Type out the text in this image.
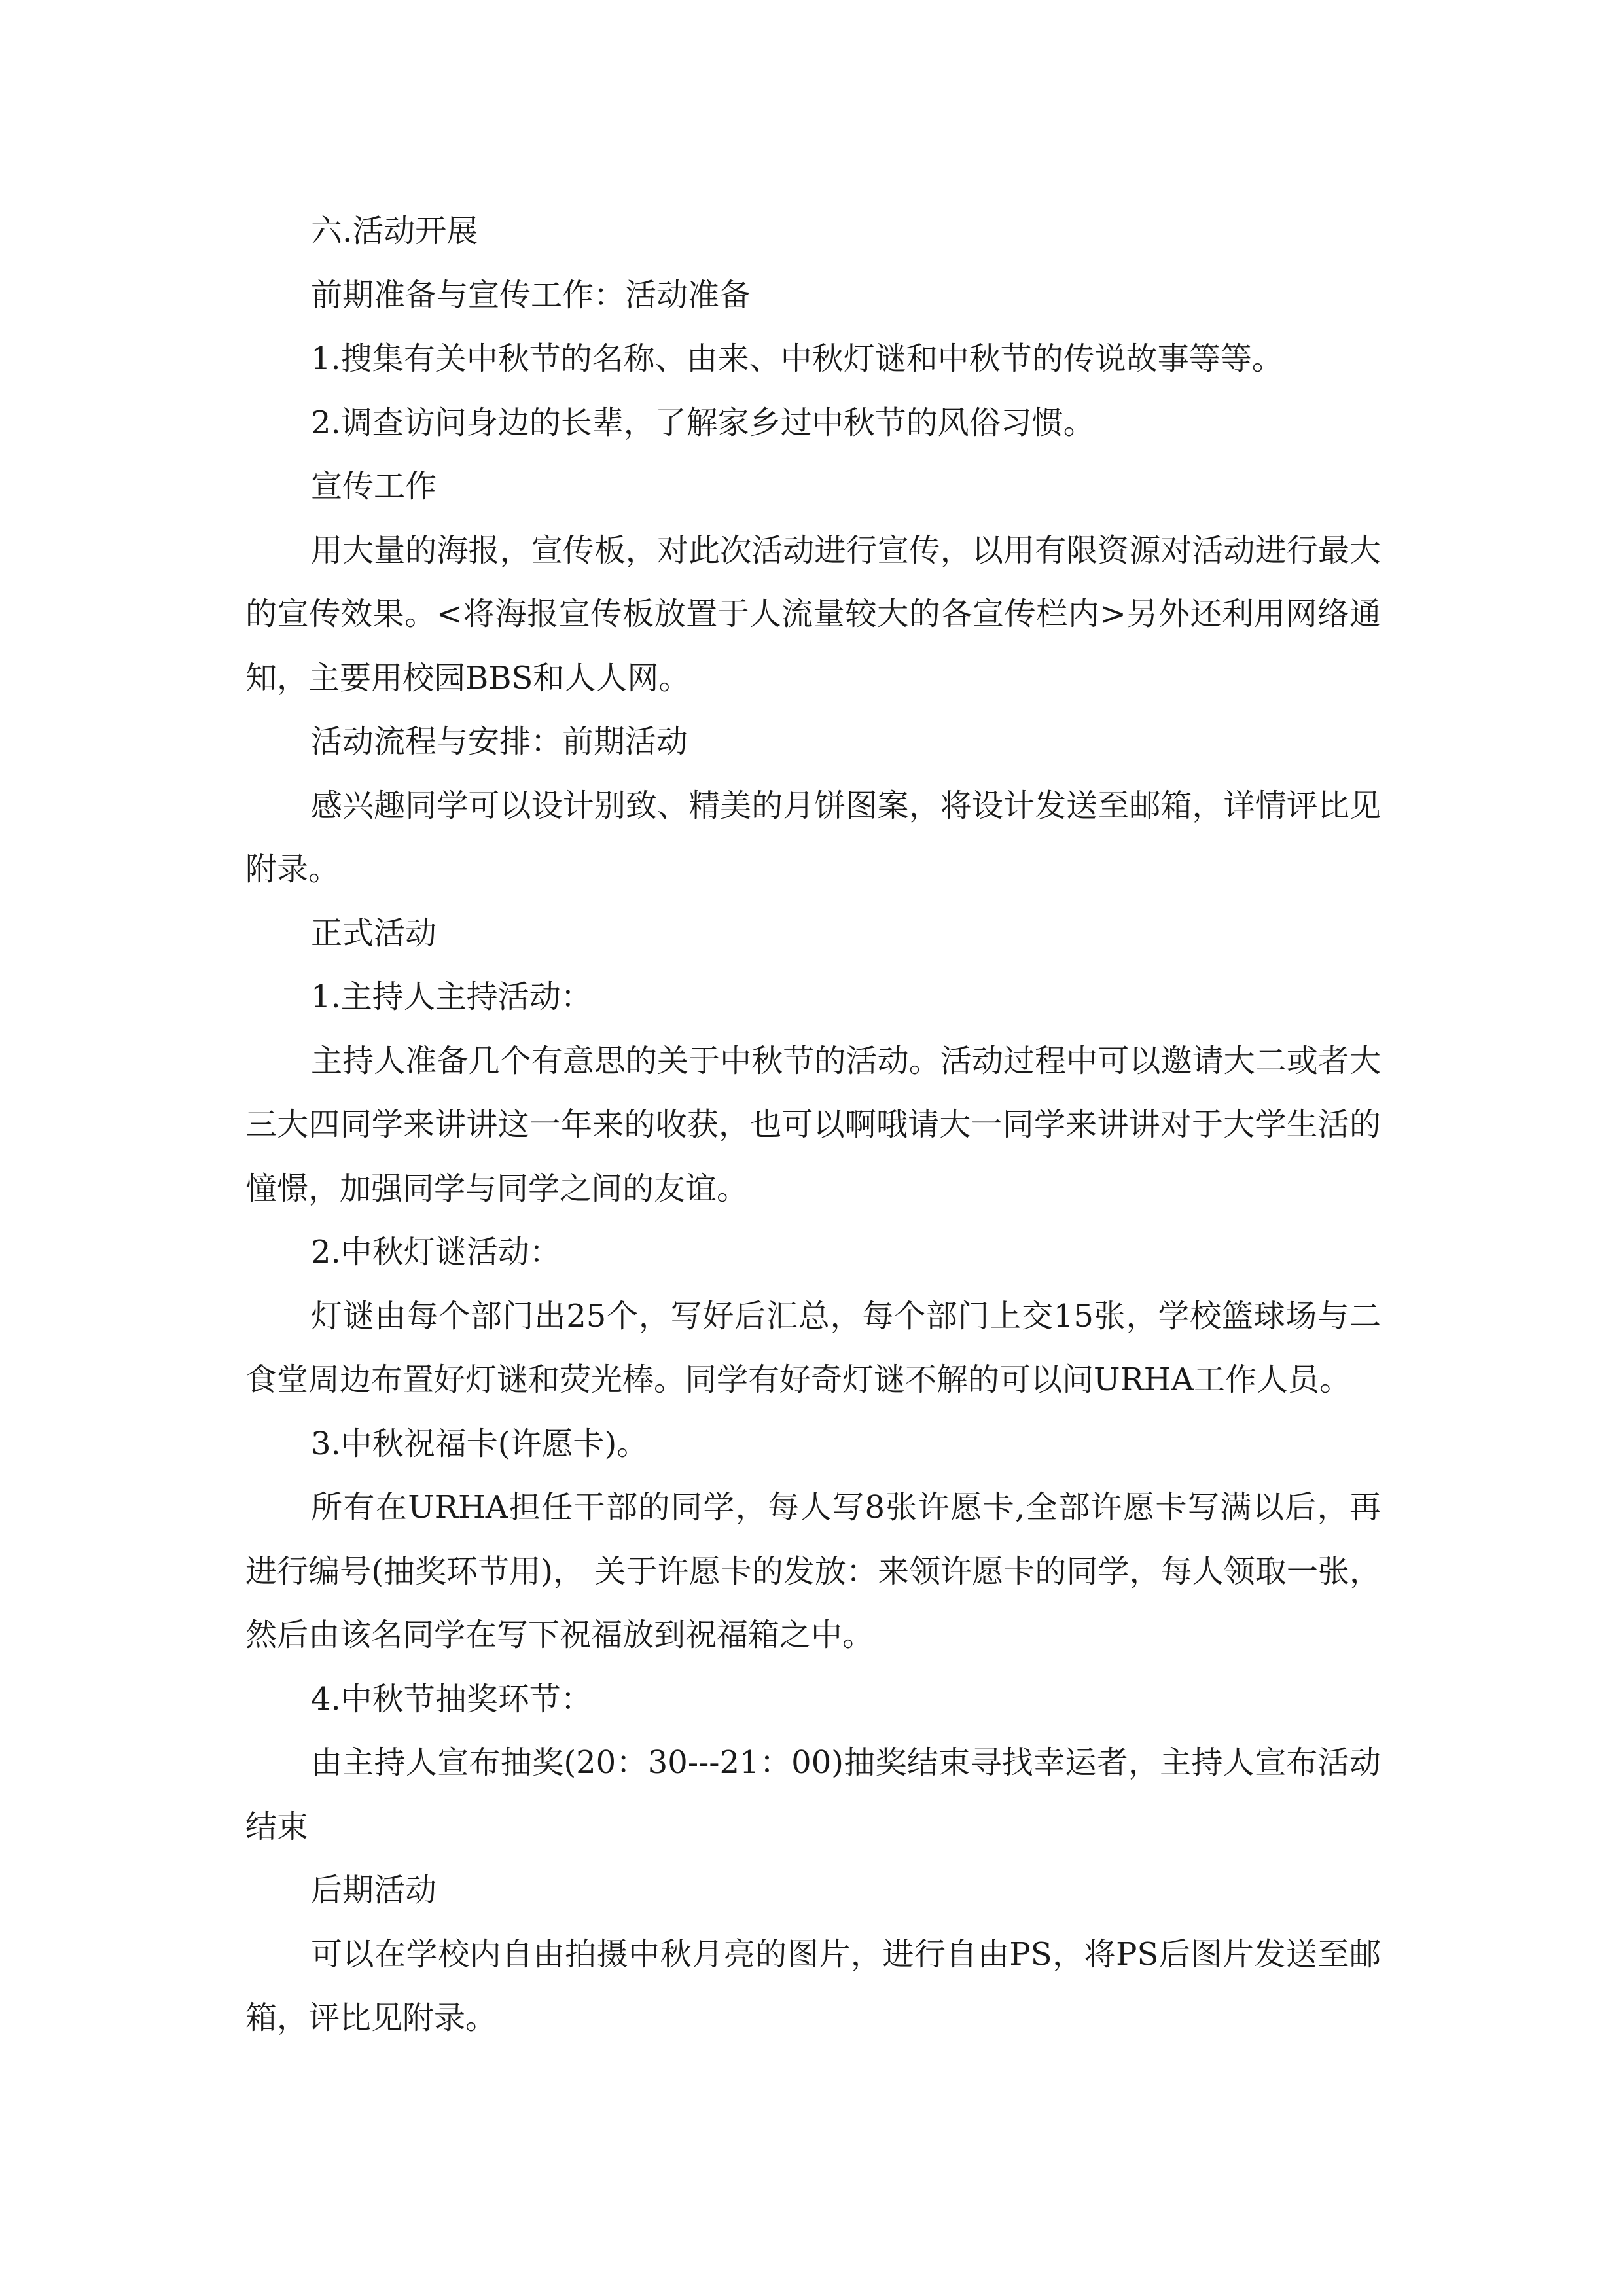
六.活动开展

前期准备与宣传工作：活动准备

1.搜集有关中秋节的名称、由来、中秋灯谜和中秋节的传说故事等等。

2.调查访问身边的长辈，了解家乡过中秋节的风俗习惯。

宣传工作

用大量的海报，宣传板，对此次活动进行宣传，以用有限资源对活动进行最大的宣传效果。<将海报宣传板放置于人流量较大的各宣传栏内>另外还利用网络通知，主要用校园BBS和人人网。

活动流程与安排：前期活动

感兴趣同学可以设计别致、精美的月饼图案，将设计发送至邮箱，详情评比见附录。

正式活动

1.主持人主持活动：

主持人准备几个有意思的关于中秋节的活动。活动过程中可以邀请大二或者大三大四同学来讲讲这一年来的收获，也可以啊哦请大一同学来讲讲对于大学生活的憧憬，加强同学与同学之间的友谊。

2.中秋灯谜活动：

灯谜由每个部门出25个，写好后汇总，每个部门上交15张，学校篮球场与二食堂周边布置好灯谜和荧光棒。同学有好奇灯谜不解的可以问URHA工作人员。

3.中秋祝福卡(许愿卡)。

所有在URHA担任干部的同学，每人写8张许愿卡,全部许愿卡写满以后，再进行编号(抽奖环节用)， 关于许愿卡的发放：来领许愿卡的同学，每人领取一张，然后由该名同学在写下祝福放到祝福箱之中。

4.中秋节抽奖环节：

由主持人宣布抽奖(20：30---21：00)抽奖结束寻找幸运者，主持人宣布活动结束

后期活动

可以在学校内自由拍摄中秋月亮的图片，进行自由PS，将PS后图片发送至邮箱，评比见附录。
